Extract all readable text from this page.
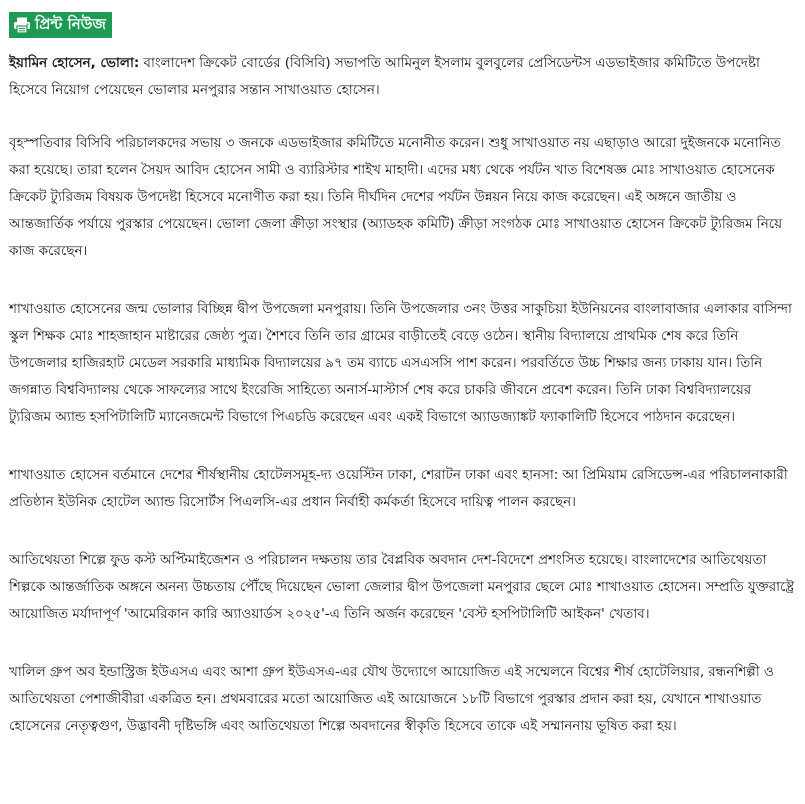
প্রিন্ট নিউজ

ইয়ামিন হোসেন, ভোলা: বাংলাদেশ ক্রিকেট বোর্ডের (বিসিবি) সভাপতি আমিনুল ইসলাম বুলবুলের প্রেসিডেন্টস এডভাইজার কমিটিতে উপদেষ্টা হিসেবে নিয়োগ পেয়েছেন ভোলার মনপুরার সন্তান সাখাওয়াত হোসেন।

বৃহস্পতিবার বিসিবি পরিচালকদের সভায় ৩ জনকে এডভাইজার কমিটিতে মনোনীত করেন। শুধু সাখাওয়াত নয় এছাড়াও আরো দুইজনকে মনোনিত করা হয়েছে। তারা হলেন সৈয়দ আবিদ হোসেন সামী ও ব্যারিস্টার শাইখ মাহাদী। এদের মধ্য থেকে পর্যটন খাত বিশেষজ্ঞ মোঃ সাখাওয়াত হোসেনেক ক্রিকেট ট্যুরিজম বিষয়ক উপদেষ্টা হিসেবে মনোণীত করা হয়। তিনি দীর্ঘদিন দেশের পর্যটন উন্নয়ন নিয়ে কাজ করেছেন। এই অঙ্গনে জাতীয় ও আন্তজার্তিক পর্যায়ে পুরস্কার পেয়েছেন। ভোলা জেলা ক্রীড়া সংস্থার (অ্যাডহক কমিটি) ক্রীড়া সংগঠক মোঃ সাখাওয়াত হোসেন ক্রিকেট ট্যুরিজম নিয়ে কাজ করেছেন।

শাখাওয়াত হোসেনের জন্ম ভোলার বিচ্ছিন্ন দ্বীপ উপজেলা মনপুরায়। তিনি উপজেলার ৩নং উত্তর সাকুচিয়া ইউনিয়নের বাংলাবাজার এলাকার বাসিন্দা স্কুল শিক্ষক মোঃ শাহজাহান মাষ্টারের জেষ্ঠ্য পুত্র। শৈশবে তিনি তার গ্রামের বাড়ীতেই বেড়ে ওঠেন। স্থানীয় বিদ্যালয়ে প্রাথমিক শেষ করে তিনি উপজেলার হাজিরহাট মেডেল সরকারি মাধ্যমিক বিদ্যালয়ের ৯৭ তম ব্যাচে এসএসসি পাশ করেন। পরবর্তিতে উচ্চ শিক্ষার জন্য ঢাকায় যান। তিনি জগন্নাত বিশ্ববিদ্যালয় থেকে সাফল্যের সাথে ইংরেজি সাহিত্যে অনার্স-মাস্টার্স শেষ করে চাকরি জীবনে প্রবেশ করেন। তিনি ঢাকা বিশ্ববিদ্যালয়ের ট্যুরিজম অ্যান্ড হসপিটালিটি ম্যানেজমেন্ট বিভাগে পিএচডি করেছেন এবং একই বিভাগে অ্যাডজ্যাঙ্কট ফ্যাকালিটি হিসেবে পাঠদান করেছেন।

শাখাওয়াত হোসেন বর্তমানে দেশের শীর্ষস্থানীয় হোটেলসমূহ-দ্য ওয়েস্টিন ঢাকা, শেরাটন ঢাকা এবং হানসা: আ প্রিমিয়াম রেসিডেন্স-এর পরিচালনাকারী প্রতিষ্ঠান ইউনিক হোটেল অ্যান্ড রিসোর্টস পিএলসি-এর প্রধান নির্বাহী কর্মকর্তা হিসেবে দায়িত্ব পালন করছেন।

আতিথেয়তা শিল্পে ফুড কস্ট অপ্টিমাইজেশন ও পরিচালন দক্ষতায় তার বৈপ্লবিক অবদান দেশ-বিদেশে প্রশংসিত হয়েছে। বাংলাদেশের আতিথেয়তা শিল্পকে আন্তর্জাতিক অঙ্গনে অনন্য উচ্চতায় পৌঁছে দিয়েছেন ভোলা জেলার দ্বীপ উপজেলা মনপুরার ছেলে মোঃ শাখাওয়াত হোসেন। সম্প্রতি যুক্তরাষ্ট্রে আয়োজিত মর্যাদাপূর্ণ 'আমেরিকান কারি অ্যাওয়ার্ডস ২০২৫'-এ তিনি অর্জন করেছেন 'বেস্ট হসপিটালিটি আইকন' খেতাব।

খালিল গ্রুপ অব ইন্ডাস্ট্রিজ ইউএসএ এবং আশা গ্রুপ ইউএসএ-এর যৌথ উদ্যোগে আয়োজিত এই সম্মেলনে বিশ্বের শীর্ষ হোটেলিয়ার, রন্ধনশিল্পী ও আতিথেয়তা পেশাজীবীরা একত্রিত হন। প্রথমবারের মতো আয়োজিত এই আয়োজনে ১৮টি বিভাগে পুরস্কার প্রদান করা হয়, যেখানে শাখাওয়াত হোসেনের নেতৃত্বগুণ, উদ্ভাবনী দৃষ্টিভঙ্গি এবং আতিথেয়তা শিল্পে অবদানের স্বীকৃতি হিসেবে তাকে এই সম্মাননায় ভূষিত করা হয়।
